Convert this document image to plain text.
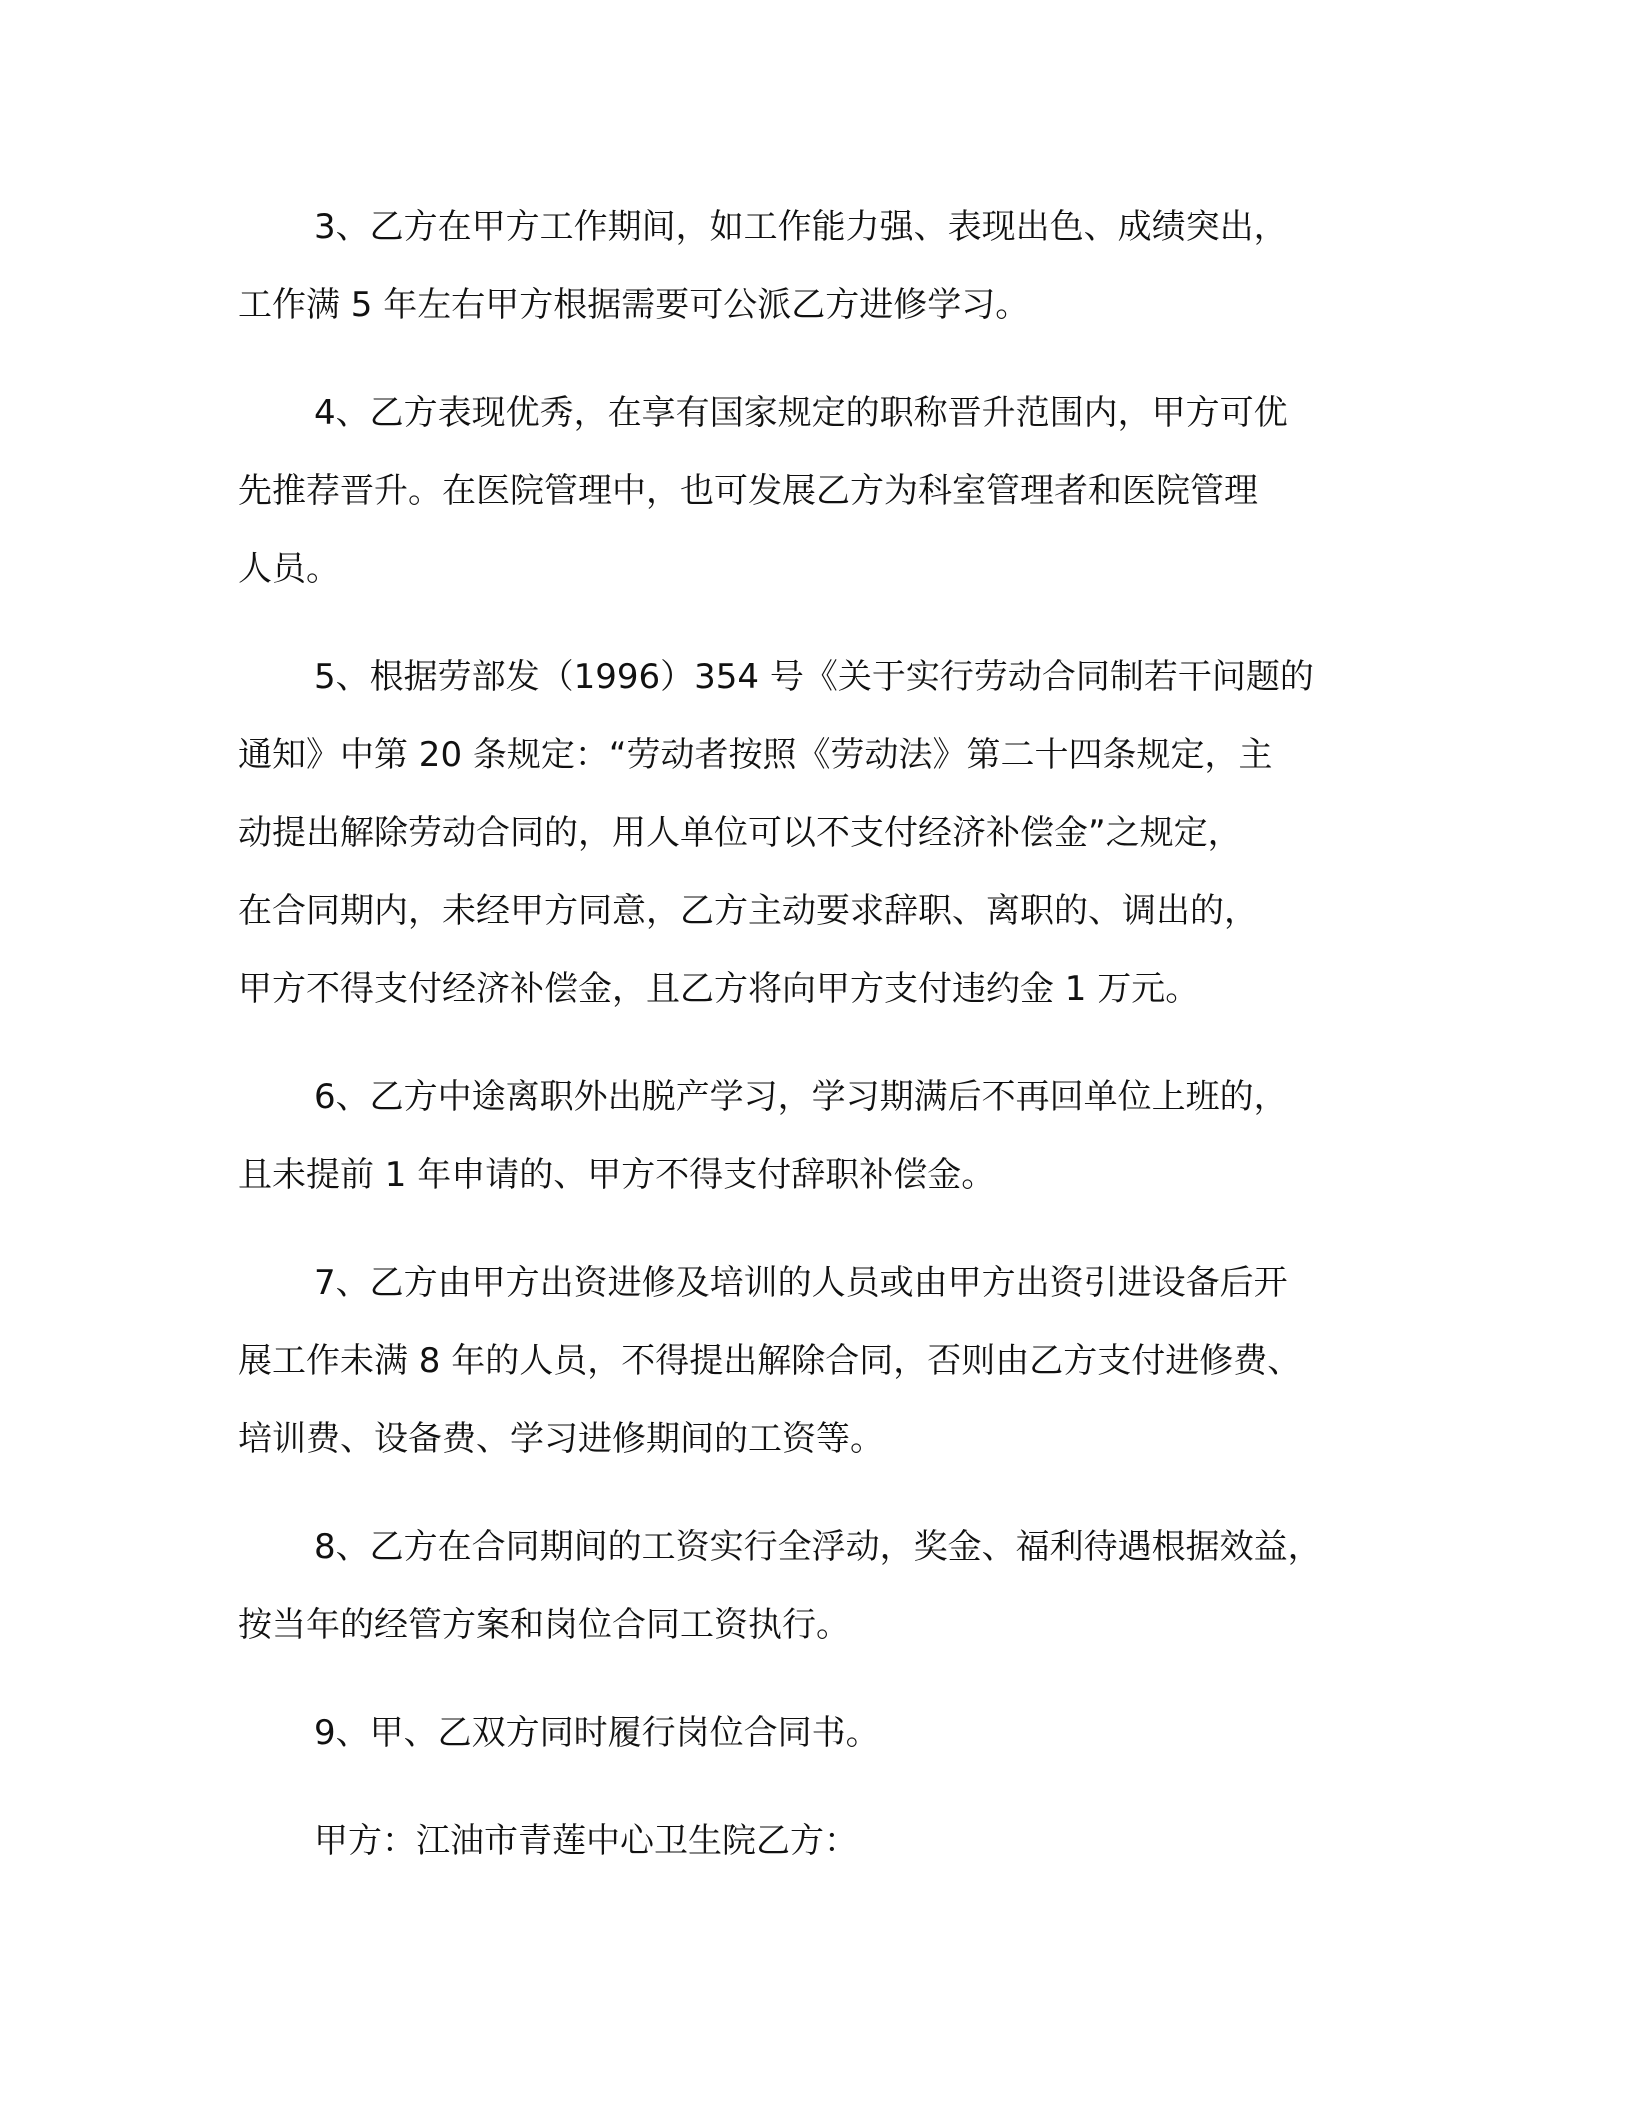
3、乙方在甲方工作期间，如工作能力强、表现出色、成绩突出，
工作满 5 年左右甲方根据需要可公派乙方进修学习。

4、乙方表现优秀，在享有国家规定的职称晋升范围内，甲方可优
先推荐晋升。在医院管理中，也可发展乙方为科室管理者和医院管理
人员。

5、根据劳部发（1996）354 号《关于实行劳动合同制若干问题的
通知》中第 20 条规定：“劳动者按照《劳动法》第二十四条规定，主
动提出解除劳动合同的，用人单位可以不支付经济补偿金”之规定，
在合同期内，未经甲方同意，乙方主动要求辞职、离职的、调出的，
甲方不得支付经济补偿金，且乙方将向甲方支付违约金 1 万元。

6、乙方中途离职外出脱产学习，学习期满后不再回单位上班的，
且未提前 1 年申请的、甲方不得支付辞职补偿金。

7、乙方由甲方出资进修及培训的人员或由甲方出资引进设备后开
展工作未满 8 年的人员，不得提出解除合同，否则由乙方支付进修费、
培训费、设备费、学习进修期间的工资等。

8、乙方在合同期间的工资实行全浮动，奖金、福利待遇根据效益，
按当年的经管方案和岗位合同工资执行。

9、甲、乙双方同时履行岗位合同书。

甲方：江油市青莲中心卫生院乙方：
